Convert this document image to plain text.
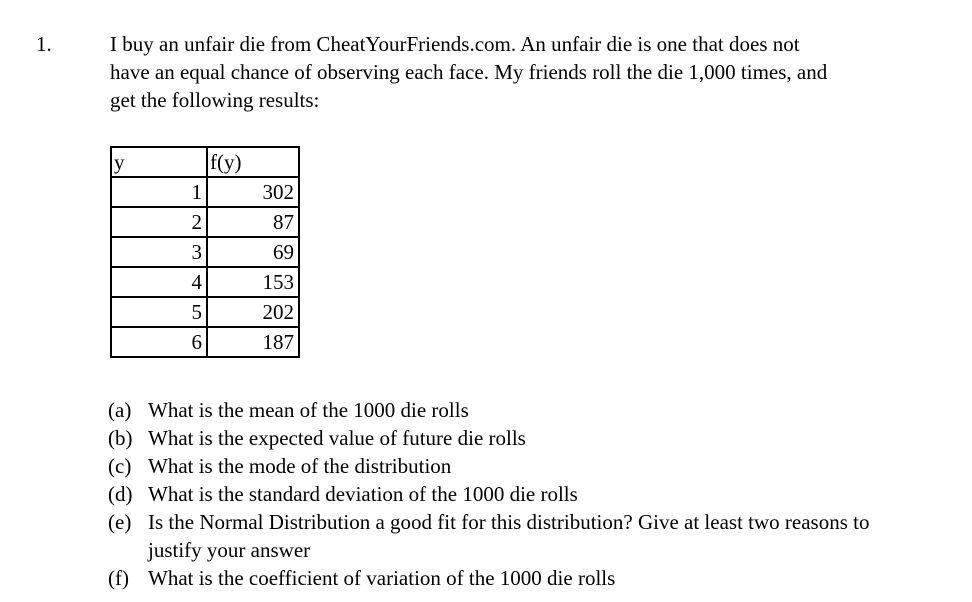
1.	I buy an unfair die from CheatYourFriends.com. An unfair die is one that does not
have an equal chance of observing each face. My friends roll the die 1,000 times, and
get the following results:
y	f(y)
1	302
2	87
3	69
4	153
5	202
6	187
(a) What is the mean of the 1000 die rolls
(b) What is the expected value of future die rolls
(c) What is the mode of the distribution
(d) What is the standard deviation of the 1000 die rolls
(e) Is the Normal Distribution a good fit for this distribution? Give at least two reasons to justify your answer
(f) What is the coefficient of variation of the 1000 die rolls
